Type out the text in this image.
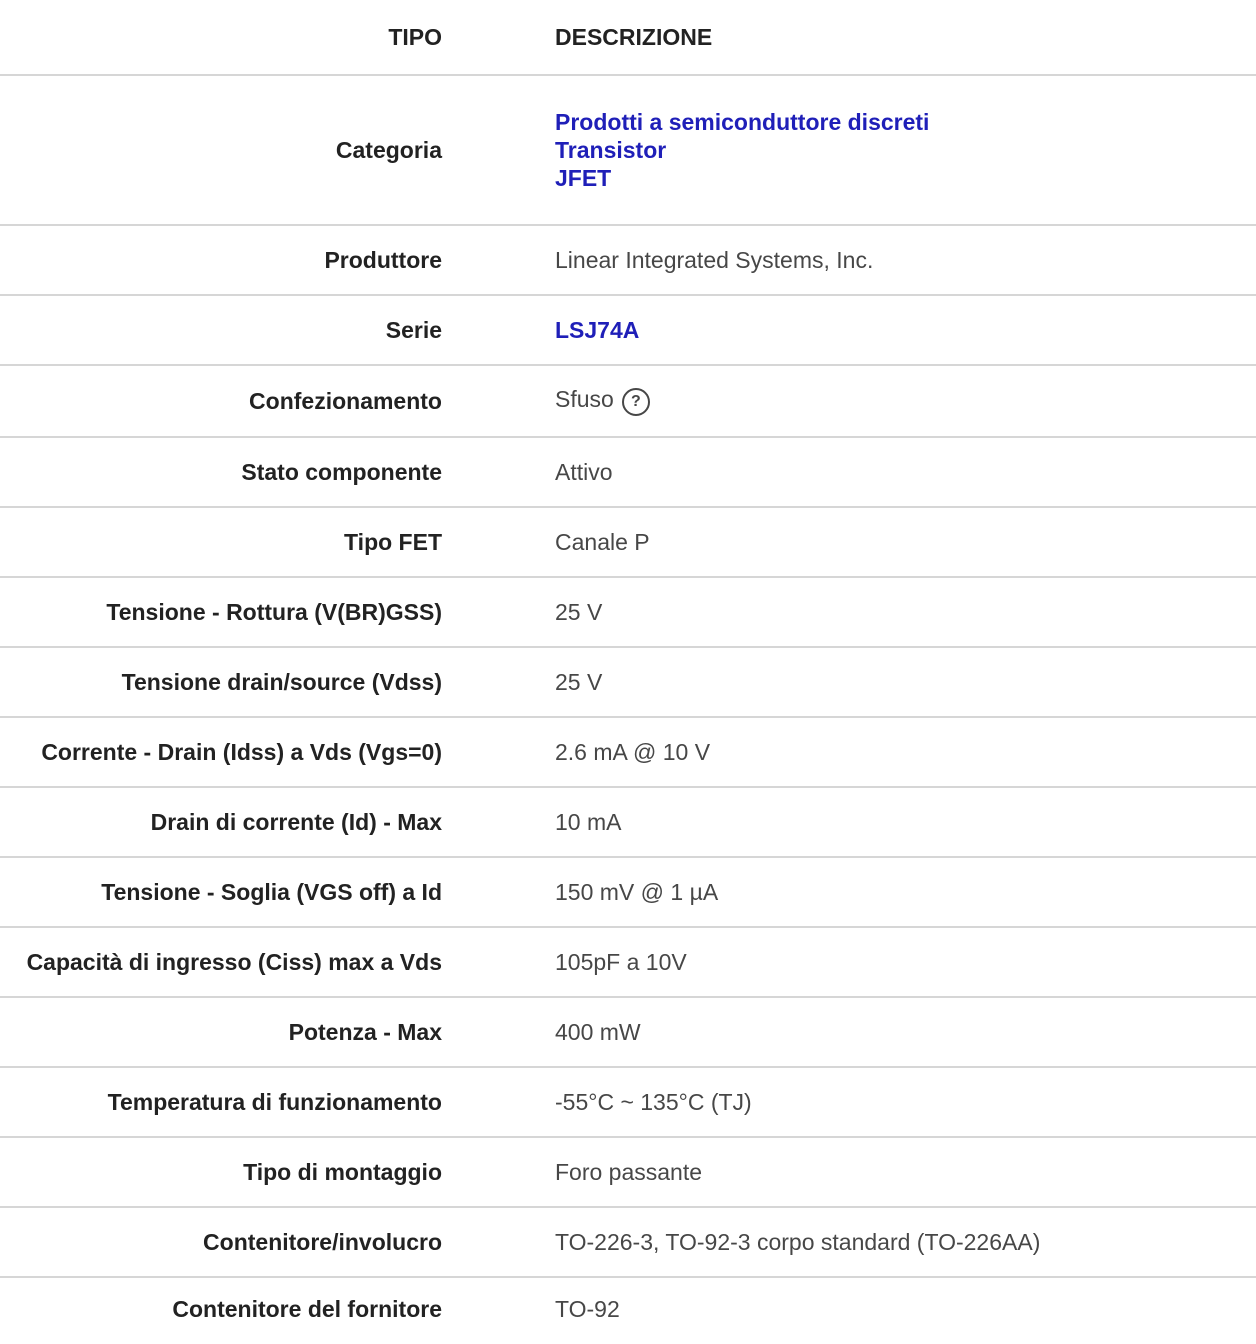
TIPO	DESCRIZIONE
Categoria	Prodotti a semiconduttore discreti
Transistor
JFET

Produttore	Linear Integrated Systems, Inc.
Serie	LSJ74A
Confezionamento	Sfuso ?
Stato componente	Attivo
Tipo FET	Canale P
Tensione - Rottura (V(BR)GSS)	25 V
Tensione drain/source (Vdss)	25 V
Corrente - Drain (Idss) a Vds (Vgs=0)	2.6 mA @ 10 V
Drain di corrente (Id) - Max	10 mA
Tensione - Soglia (VGS off) a Id	150 mV @ 1 µA
Capacità di ingresso (Ciss) max a Vds	105pF a 10V
Potenza - Max	400 mW
Temperatura di funzionamento	-55°C ~ 135°C (TJ)
Tipo di montaggio	Foro passante
Contenitore/involucro	TO-226-3, TO-92-3 corpo standard (TO-226AA)
Contenitore del fornitore	TO-92
